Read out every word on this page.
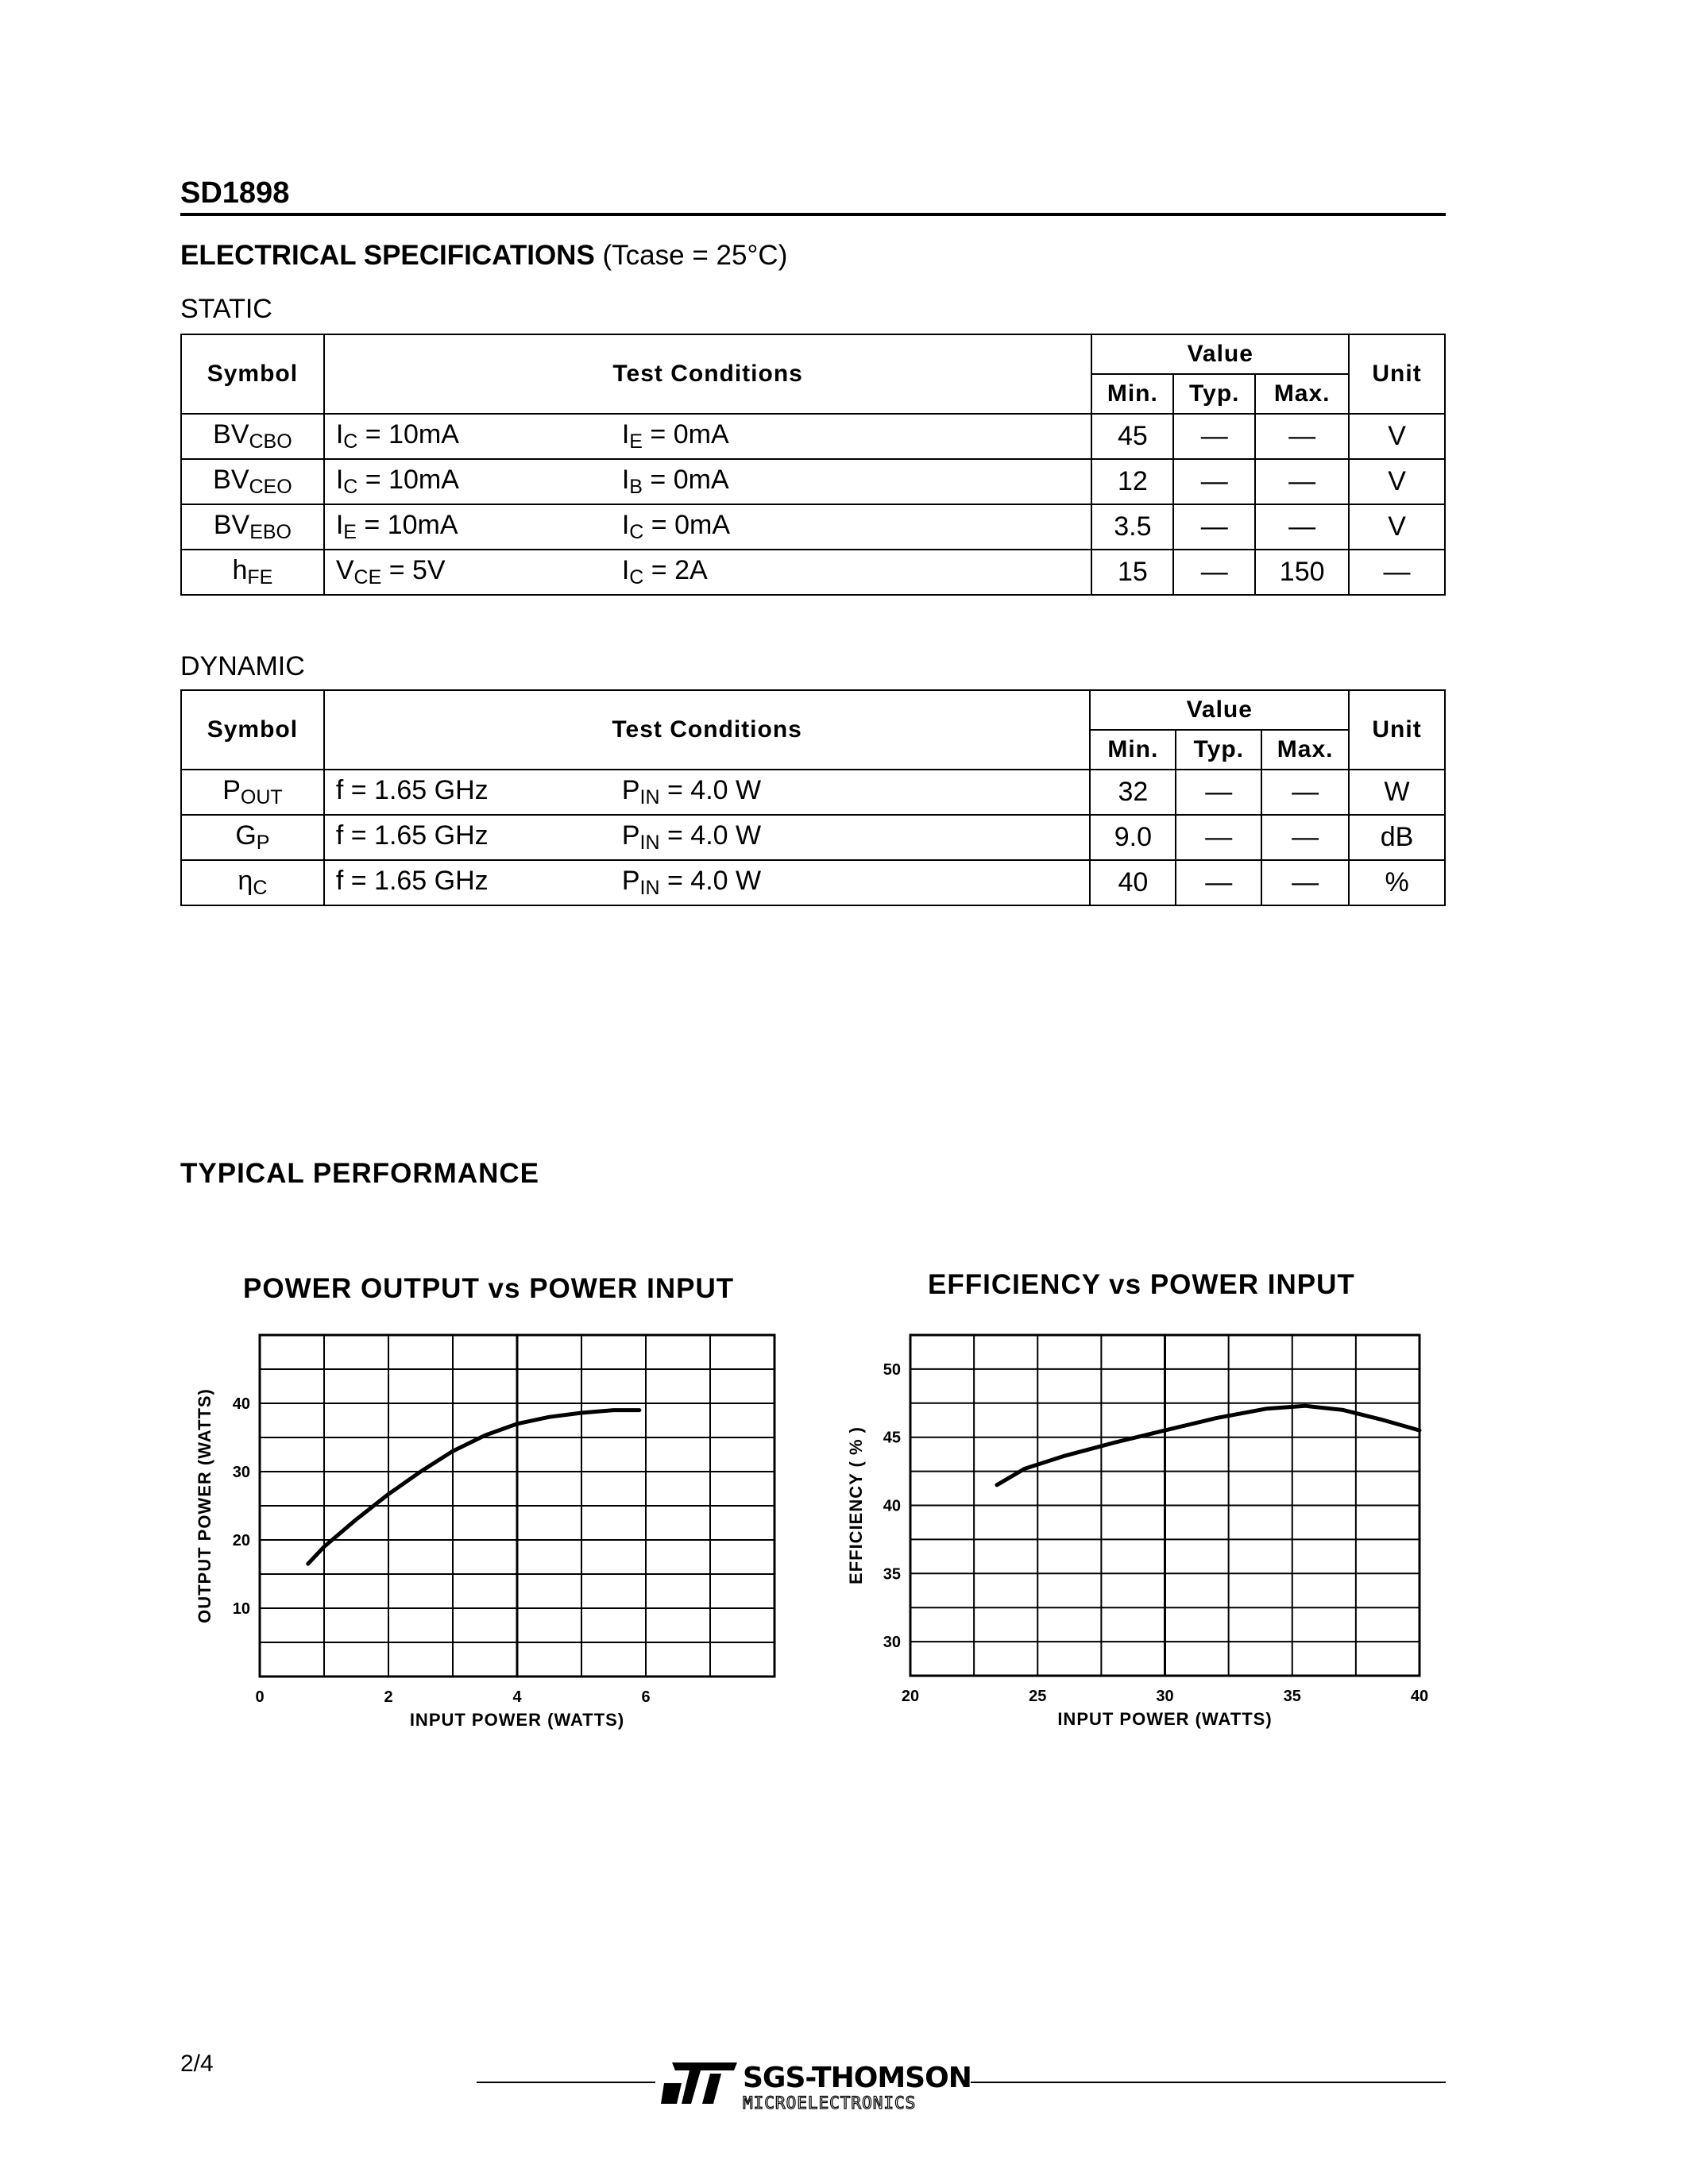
SD1898
ELECTRICAL SPECIFICATIONS (Tcase = 25°C)
STATIC
Symbol	Test Conditions	Value			Unit
		Min.	Typ.	Max.	
$BV_{CBO}$	$I_C = 10mA$ $I_E = 0mA$	45	—	—	V
$BV_{CEO}$	$I_C = 10mA$ $I_B = 0mA$	12	—	—	V
$BV_{EBO}$	$I_E = 10mA$ $I_C = 0mA$	3.5	—	—	V
$h_{FE}$	$V_{CE} = 5V$ $I_C = 2A$	15	—	150	—
DYNAMIC
Symbol	Test Conditions	Value			Unit
		Min.	Typ.	Max.	
$P_{OUT}$	f = 1.65 GHz $P_{IN} = 4.0$ W	32	—	—	W
$G_P$	f = 1.65 GHz $P_{IN} = 4.0$ W	9.0	—	—	dB
$\eta_C$	f = 1.65 GHz $P_{IN} = 4.0$ W	40	—	—	%
TYPICAL PERFORMANCE
POWER OUTPUT vs POWER INPUT	EFFICIENCY vs POWER INPUT
0	2	4	6
10
20
30
40
INPUT POWER (WATTS)
OUTPUT POWER (WATTS)
20	25	30	35	40
30
35
40
45
50
INPUT POWER (WATTS)
EFFICIENCY ( % )
2/4	SGS-THOMSON
MICROELECTRONICS
